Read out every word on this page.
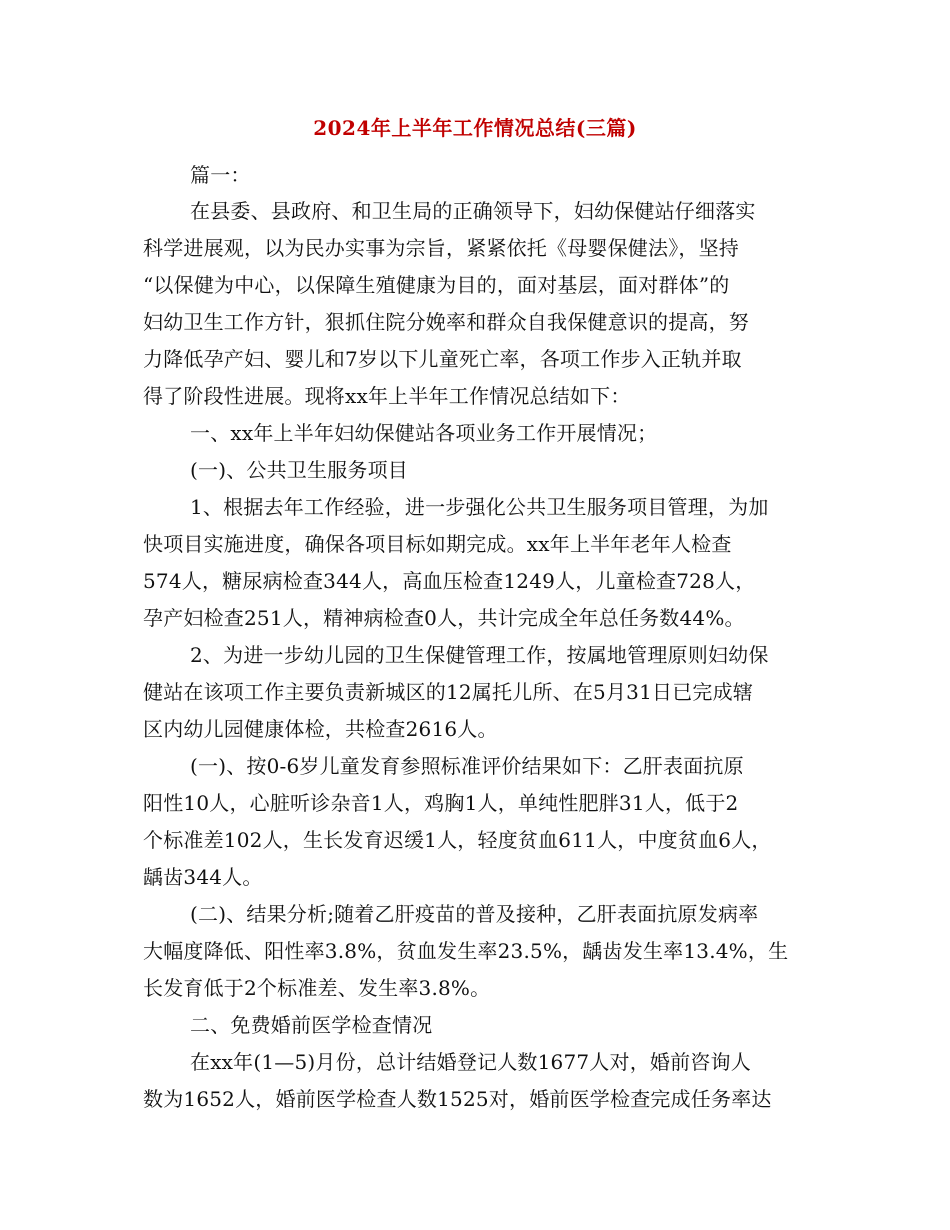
2024年上半年工作情况总结(三篇)
篇一：
在县委、县政府、和卫生局的正确领导下，妇幼保健站仔细落实
科学进展观，以为民办实事为宗旨，紧紧依托《母婴保健法》，坚持
“以保健为中心，以保障生殖健康为目的，面对基层，面对群体”的
妇幼卫生工作方针，狠抓住院分娩率和群众自我保健意识的提高，努
力降低孕产妇、婴儿和7岁以下儿童死亡率，各项工作步入正轨并取
得了阶段性进展。现将xx年上半年工作情况总结如下：
一、xx年上半年妇幼保健站各项业务工作开展情况；
(一)、公共卫生服务项目
1、根据去年工作经验，进一步强化公共卫生服务项目管理，为加
快项目实施进度，确保各项目标如期完成。xx年上半年老年人检查
574人，糖尿病检查344人，高血压检查1249人，儿童检查728人，
孕产妇检查251人，精神病检查0人，共计完成全年总任务数44%。
2、为进一步幼儿园的卫生保健管理工作，按属地管理原则妇幼保
健站在该项工作主要负责新城区的12属托儿所、在5月31日已完成辖
区内幼儿园健康体检，共检查2616人。
(一)、按0-6岁儿童发育参照标准评价结果如下：乙肝表面抗原
阳性10人，心脏听诊杂音1人，鸡胸1人，单纯性肥胖31人，低于2
个标准差102人，生长发育迟缓1人，轻度贫血611人，中度贫血6人，
龋齿344人。
(二)、结果分析;随着乙肝疫苗的普及接种，乙肝表面抗原发病率
大幅度降低、阳性率3.8%，贫血发生率23.5%，龋齿发生率13.4%，生
长发育低于2个标准差、发生率3.8%。
二、免费婚前医学检查情况
在xx年(1—5)月份，总计结婚登记人数1677人对，婚前咨询人
数为1652人，婚前医学检查人数1525对，婚前医学检查完成任务率达
